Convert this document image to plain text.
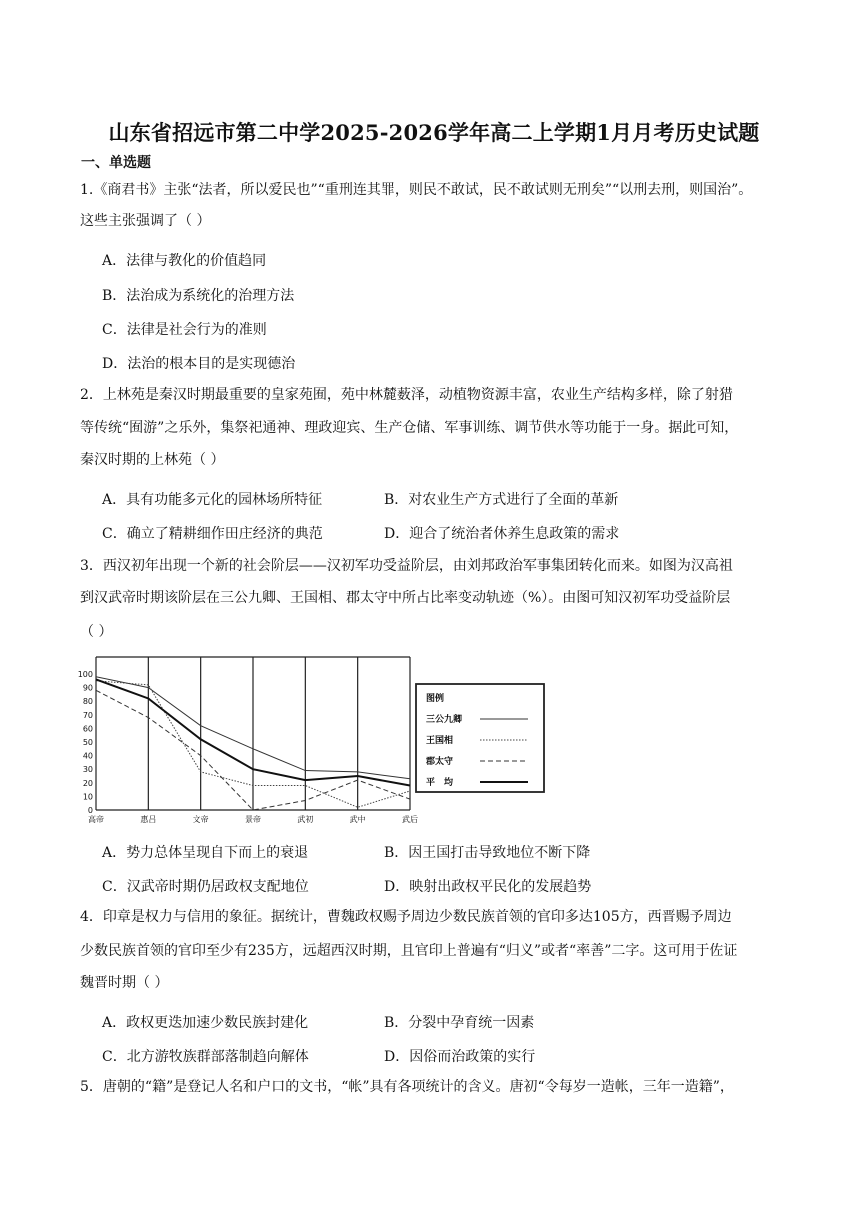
山东省招远市第二中学2025-2026学年高二上学期1月月考历史试题
一、单选题
1.《商君书》主张“法者，所以爱民也”“重刑连其罪，则民不敢试，民不敢试则无刑矣”“以刑去刑，则国治”。
这些主张强调了（ ）
A．法律与教化的价值趋同
B．法治成为系统化的治理方法
C．法律是社会行为的准则
D．法治的根本目的是实现德治
2．上林苑是秦汉时期最重要的皇家苑囿，苑中林麓薮泽，动植物资源丰富，农业生产结构多样，除了射猎
等传统“囿游”之乐外，集祭祀通神、理政迎宾、生产仓储、军事训练、调节供水等功能于一身。据此可知，
秦汉时期的上林苑（ ）
A．具有功能多元化的园林场所特征	B．对农业生产方式进行了全面的革新
C．确立了精耕细作田庄经济的典范	D．迎合了统治者休养生息政策的需求
3．西汉初年出现一个新的社会阶层——汉初军功受益阶层，由刘邦政治军事集团转化而来。如图为汉高祖
到汉武帝时期该阶层在三公九卿、王国相、郡太守中所占比率变动轨迹（%）。由图可知汉初军功受益阶层
（ ）
高帝	惠吕	文帝	景帝	武初	武中	武后
0
10
20
30
40
50
60
70
80
90
100
图例
三公九卿
王国相
郡太守
平　均
A．势力总体呈现自下而上的衰退	B．因王国打击导致地位不断下降
C．汉武帝时期仍居政权支配地位	D．映射出政权平民化的发展趋势
4．印章是权力与信用的象征。据统计，曹魏政权赐予周边少数民族首领的官印多达105方，西晋赐予周边
少数民族首领的官印至少有235方，远超西汉时期，且官印上普遍有“归义”或者“率善”二字。这可用于佐证
魏晋时期（ ）
A．政权更迭加速少数民族封建化	B．分裂中孕育统一因素
C．北方游牧族群部落制趋向解体	D．因俗而治政策的实行
5．唐朝的“籍”是登记人名和户口的文书，“帐”具有各项统计的含义。唐初“令每岁一造帐，三年一造籍”，
